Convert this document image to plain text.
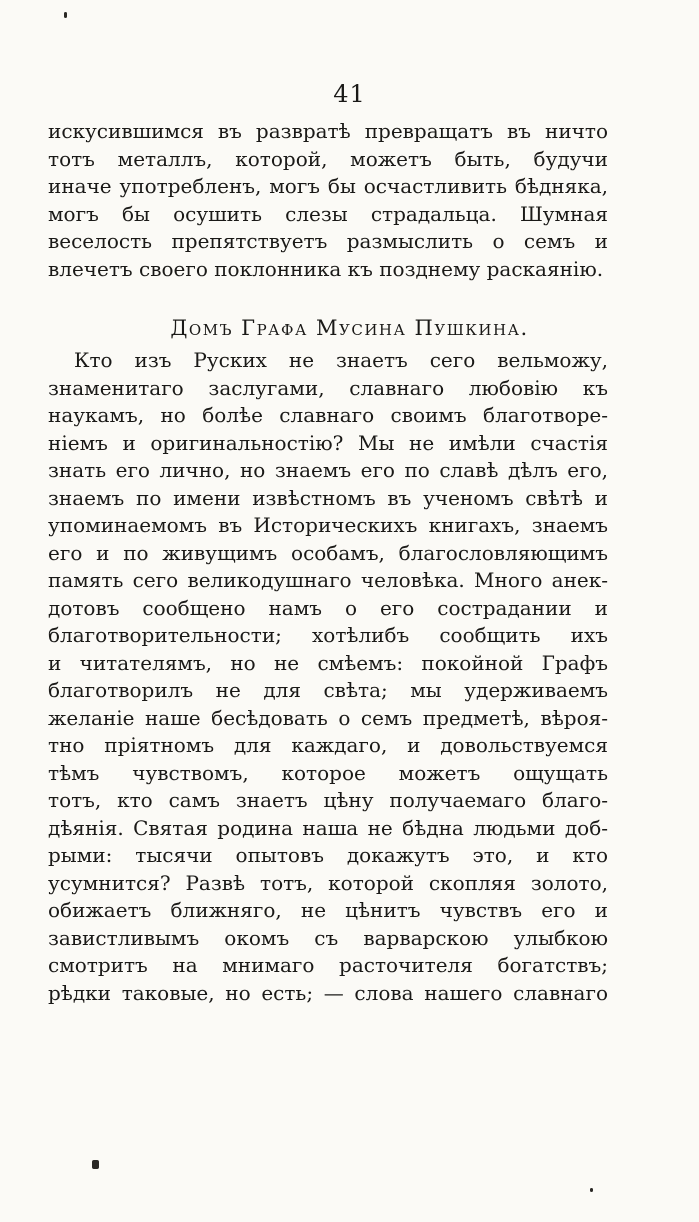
41
искусившимся въ развратѣ превращатъ въ ничто
тотъ металлъ, которой, можетъ быть, будучи
иначе употребленъ, могъ бы осчастливить бѣдняка,
могъ бы осушить слезы страдальца. Шумная
веселость препятствуетъ размыслить о семъ и
влечетъ своего поклонника къ позднему раскаянію.
Домъ Графа Мусина Пушкина.
Кто изъ Руских не знаетъ сего вельможу,
знаменитаго заслугами, славнаго любовію къ
наукамъ, но болѣе славнаго своимъ благотворе-
ніемъ и оригинальностію? Мы не имѣли счастія
знать его лично, но знаемъ его по славѣ дѣлъ его,
знаемъ по имени извѣстномъ въ ученомъ свѣтѣ и
упоминаемомъ въ Историческихъ книгахъ, знаемъ
его и по живущимъ особамъ, благословляющимъ
память сего великодушнаго человѣка. Много анек-
дотовъ сообщено намъ о его сострадании и
благотворительности; хотѣлибъ сообщить ихъ
и читателямъ, но не смѣемъ: покойной Графъ
благотворилъ не для свѣта; мы удерживаемъ
желаніе наше бесѣдовать о семъ предметѣ, вѣроя-
тно пріятномъ для каждаго, и довольствуемся
тѣмъ чувствомъ, которое можетъ ощущать
тотъ, кто самъ знаетъ цѣну получаемаго благо-
дѣянія. Святая родина наша не бѣдна людьми доб-
рыми: тысячи опытовъ докажутъ это, и кто
усумнится? Развѣ тотъ, которой скопляя золото,
обижаетъ ближняго, не цѣнитъ чувствъ его и
завистливымъ окомъ съ варварскою улыбкою
смотритъ на мнимаго расточителя богатствъ;
рѣдки таковые, но есть; — слова нашего славнаго
